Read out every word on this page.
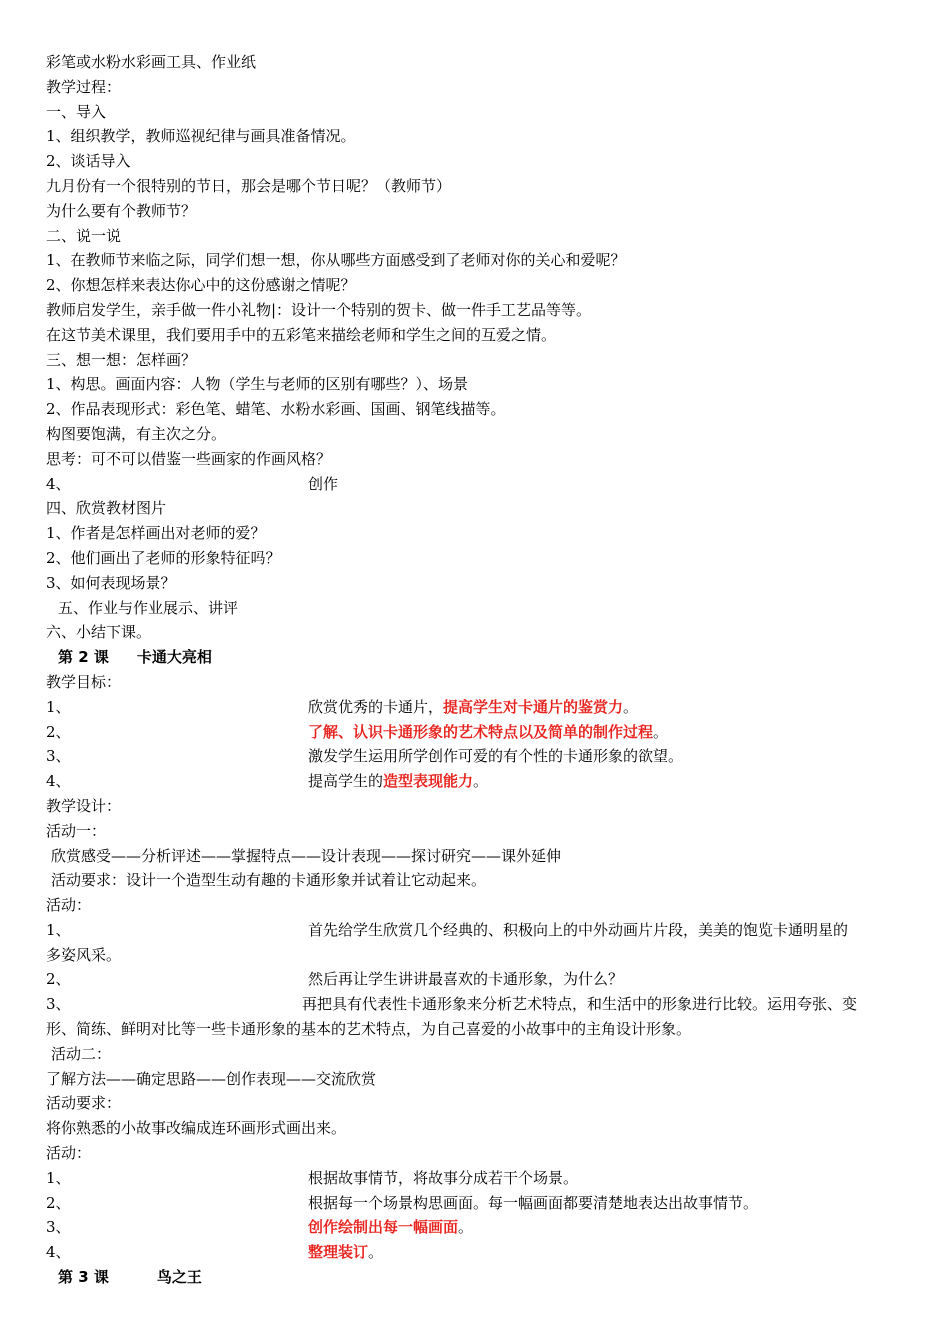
彩笔或水粉水彩画工具、作业纸
教学过程：
一、导入
1、组织教学，教师巡视纪律与画具准备情况。
2、谈话导入
九月份有一个很特别的节日，那会是哪个节日呢？（教师节）
为什么要有个教师节？
二、说一说
1、在教师节来临之际，同学们想一想，你从哪些方面感受到了老师对你的关心和爱呢？
2、你想怎样来表达你心中的这份感谢之情呢？
教师启发学生，亲手做一件小礼物|：设计一个特别的贺卡、做一件手工艺品等等。
在这节美术课里，我们要用手中的五彩笔来描绘老师和学生之间的互爱之情。
三、想一想：怎样画？
1、构思。画面内容：人物（学生与老师的区别有哪些？）、场景
2、作品表现形式：彩色笔、蜡笔、水粉水彩画、国画、钢笔线描等。
构图要饱满，有主次之分。
思考：可不可以借鉴一些画家的作画风格？
4、	创作
四、欣赏教材图片
1、作者是怎样画出对老师的爱？
2、他们画出了老师的形象特征吗？
3、如何表现场景？
五、作业与作业展示、讲评
六、小结下课。
第 2 课 卡通大亮相
教学目标：
1、	欣赏优秀的卡通片，提高学生对卡通片的鉴赏力。
2、	了解、认识卡通形象的艺术特点以及简单的制作过程。
3、	激发学生运用所学创作可爱的有个性的卡通形象的欲望。
4、	提高学生的造型表现能力。
教学设计：
活动一：
欣赏感受——分析评述——掌握特点——设计表现——探讨研究——课外延伸
活动要求：设计一个造型生动有趣的卡通形象并试着让它动起来。
活动：
1、	首先给学生欣赏几个经典的、积极向上的中外动画片片段，美美的饱览卡通明星的
多姿风采。
2、	然后再让学生讲讲最喜欢的卡通形象，为什么？
3、	再把具有代表性卡通形象来分析艺术特点，和生活中的形象进行比较。运用夸张、变
形、简练、鲜明对比等一些卡通形象的基本的艺术特点，为自己喜爱的小故事中的主角设计形象。
活动二：
了解方法——确定思路——创作表现——交流欣赏
活动要求：
将你熟悉的小故事改编成连环画形式画出来。
活动：
1、	根据故事情节，将故事分成若干个场景。
2、	根据每一个场景构思画面。每一幅画面都要清楚地表达出故事情节。
3、	创作绘制出每一幅画面。
4、	整理装订。
第 3 课	鸟之王
